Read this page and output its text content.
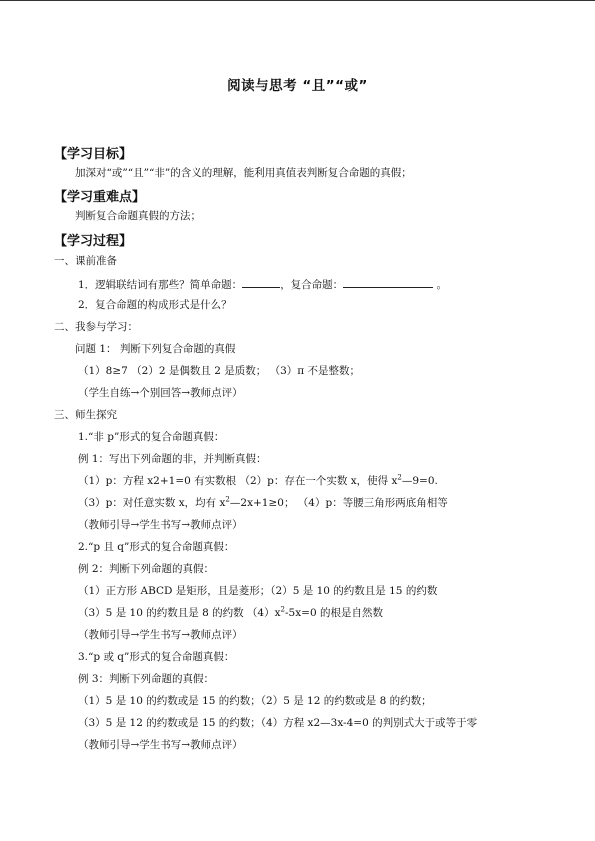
阅读与思考 “且”“或”
【学习目标】
加深对“或”“且”“非”的含义的理解，能利用真值表判断复合命题的真假；
【学习重难点】
判断复合命题真假的方法；
【学习过程】
一、课前准备
1．逻辑联结词有那些？简单命题：	，复合命题：	。
2．复合命题的构成形式是什么？
二、我参与学习：
问题 1： 判断下列复合命题的真假
（1）8≥7 （2）2 是偶数且 2 是质数； （3）π 不是整数；
（学生自练→个别回答→教师点评）
三、师生探究
1.“非 p”形式的复合命题真假：
例 1：写出下列命题的非，并判断真假：
（1）p：方程 x2+1=0 有实数根 （2）p：存在一个实数 x，使得 $x^2—9=0$.
（3）p：对任意实数 x，均有 $x^2—2x+1\ge 0$； （4）p：等腰三角形两底角相等
（教师引导→学生书写→教师点评）
2.“p 且 q”形式的复合命题真假：
例 2：判断下列命题的真假：
（1）正方形 ABCD 是矩形，且是菱形；（2）5 是 10 的约数且是 15 的约数
（3）5 是 10 的约数且是 8 的约数 $(4)x^2-5x=0$ 的根是自然数
（教师引导→学生书写→教师点评）
3.“p 或 q”形式的复合命题真假：
例 3：判断下列命题的真假：
（1）5 是 10 的约数或是 15 的约数；（2）5 是 12 的约数或是 8 的约数；
（3）5 是 12 的约数或是 15 的约数；（4）方程 x2—3x-4=0 的判别式大于或等于零
（教师引导→学生书写→教师点评）
